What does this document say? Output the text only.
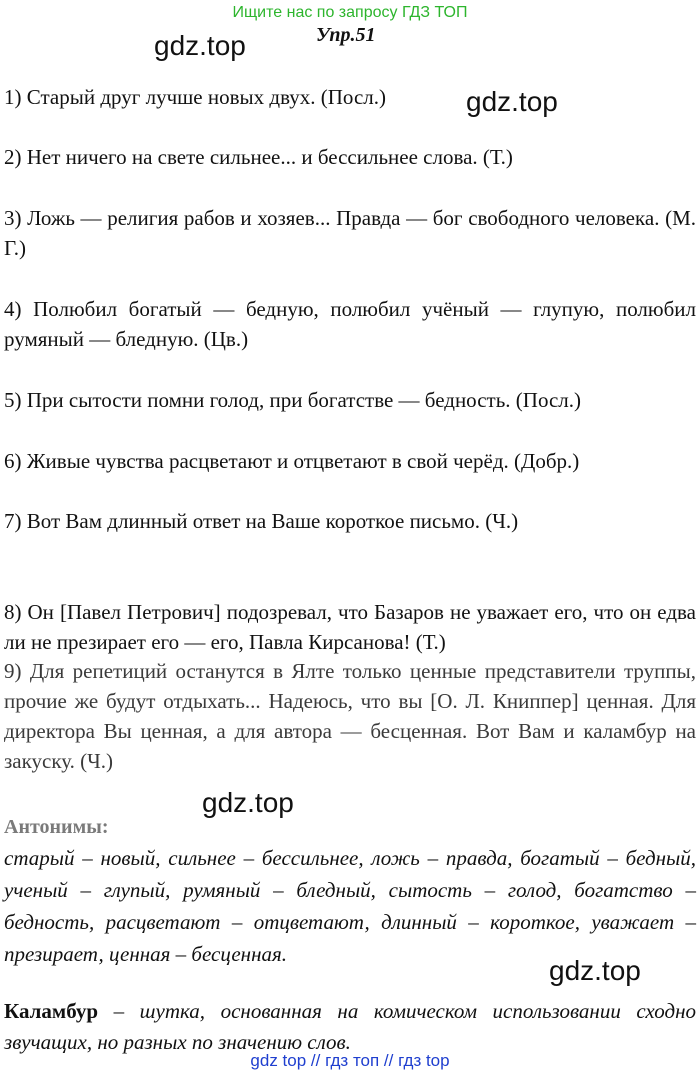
Ищите нас по запросу ГДЗ ТОП
gdz.top	Упр.51
gdz.top
1) Старый друг лучше новых двух. (Посл.)
2) Нет ничего на свете сильнее... и бессильнее слова. (Т.)
3) Ложь — религия рабов и хозяев... Правда — бог свободного человека. (М. Г.)
4) Полюбил богатый — бедную, полюбил учёный — глупую, полюбил румяный — бледную. (Цв.)
5) При сытости помни голод, при богатстве — бедность. (Посл.)
6) Живые чувства расцветают и отцветают в свой черёд. (Добр.)
7) Вот Вам длинный ответ на Ваше короткое письмо. (Ч.)
8) Он [Павел Петрович] подозревал, что Базаров не уважает его, что он едва ли не презирает его — его, Павла Кирсанова! (Т.)
9) Для репетиций останутся в Ялте только ценные представители труппы, прочие же будут отдыхать... Надеюсь, что вы [О. Л. Книппер] ценная. Для директора Вы ценная, а для автора — бесценная. Вот Вам и каламбур на закуску. (Ч.)
gdz.top
Антонимы:
старый – новый, сильнее – бессильнее, ложь – правда, богатый – бедный, ученый – глупый, румяный – бледный, сытость – голод, богатство – бедность, расцветают – отцветают, длинный – короткое, уважает – презирает, ценная – бесценная.
gdz.top
Каламбур – шутка, основанная на комическом использовании сходно звучащих, но разных по значению слов.
gdz top // гдз топ // гдз top
